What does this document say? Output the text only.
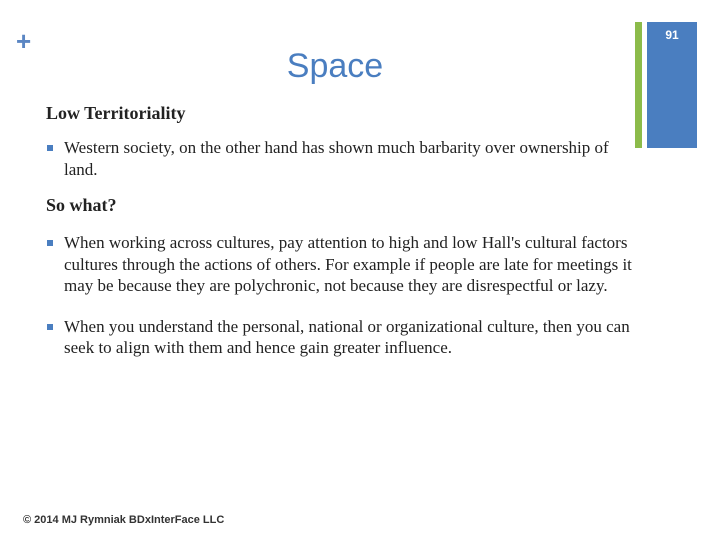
+	91
Space

Low Territoriality

Western society, on the other hand has shown much barbarity over ownership of land.

So what?

When working across cultures, pay attention to high and low Hall's cultural factors cultures through the actions of others. For example if people are late for meetings it may be because they are polychronic, not because they are disrespectful or lazy.
When you understand the personal, national or organizational culture, then you can seek to align with them and hence gain greater influence.
© 2014 MJ Rymniak BDxInterFace LLC
